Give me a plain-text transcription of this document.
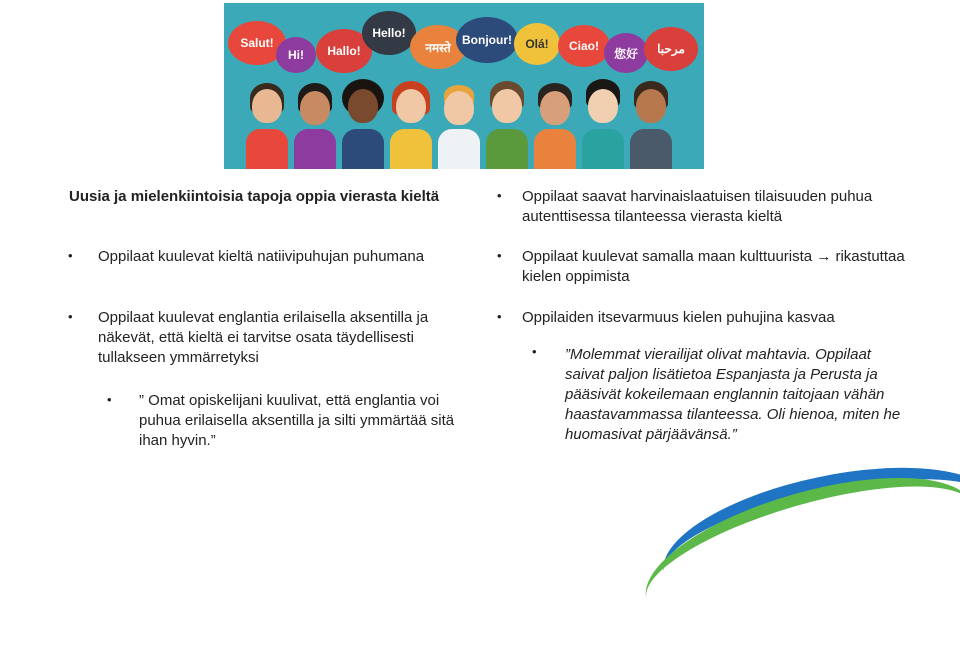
Salut!
Hi! Hallo!
Hello!
नमस्ते
Bonjour! Olá! Ciao!
您好 مرحبا
Uusia ja mielenkiintoisia tapoja oppia vierasta kieltä
• Oppilaat kuulevat kieltä natiivipuhujan puhumana
• Oppilaat kuulevat englantia erilaisella aksentilla ja näkevät, että kieltä ei tarvitse osata täydellisesti tullakseen ymmärretyksi
• ” Omat opiskelijani kuulivat, että englantia voi puhua erilaisella aksentilla ja silti ymmärtää sitä ihan hyvin.”
• Oppilaat saavat harvinaislaatuisen tilaisuuden puhua autenttisessa tilanteessa vierasta kieltä
• Oppilaat kuulevat samalla maan kulttuurista → rikastuttaa kielen oppimista
• Oppilaiden itsevarmuus kielen puhujina kasvaa
• ”Molemmat vierailijat olivat mahtavia. Oppilaat saivat paljon lisätietoa Espanjasta ja Perusta ja pääsivät kokeilemaan englannin taitojaan vähän haastavammassa tilanteessa. Oli hienoa, miten he huomasivat pärjäävänsä.”
